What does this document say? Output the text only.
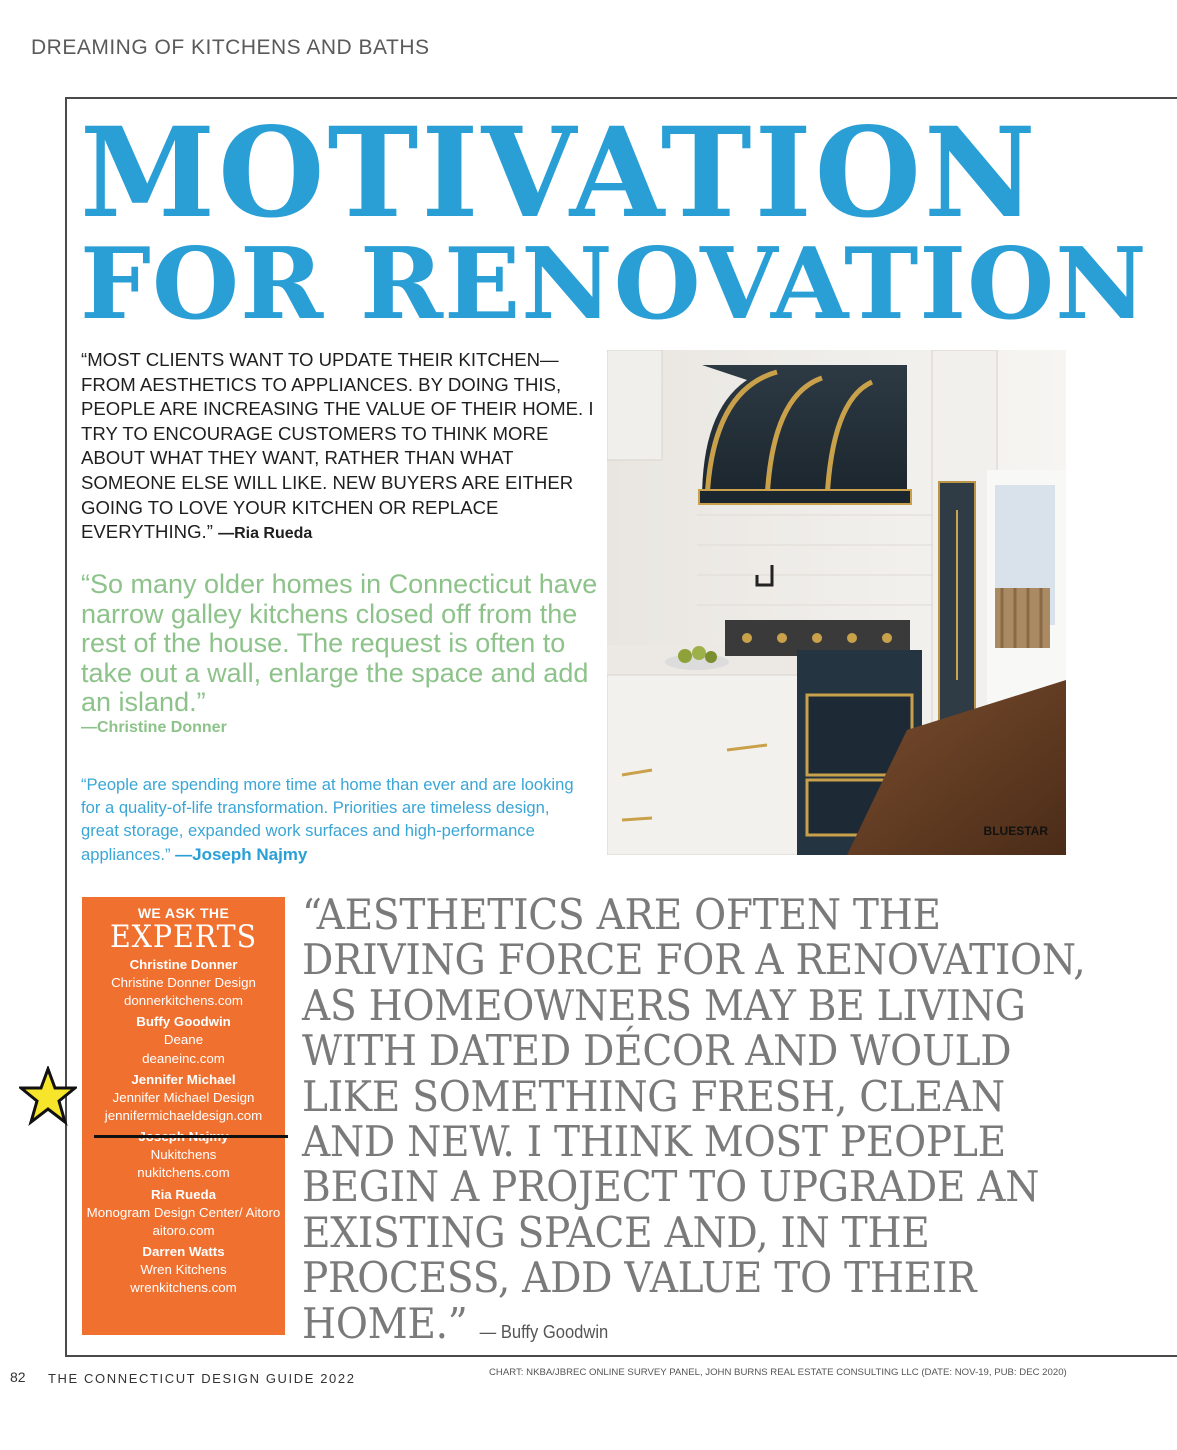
DREAMING OF KITCHENS AND BATHS
MOTIVATION
FOR RENOVATION
“MOST CLIENTS WANT TO UPDATE THEIR KITCHEN—FROM AESTHETICS TO APPLIANCES. BY DOING THIS, PEOPLE ARE INCREASING THE VALUE OF THEIR HOME. I TRY TO ENCOURAGE CUSTOMERS TO THINK MORE ABOUT WHAT THEY WANT, RATHER THAN WHAT SOMEONE ELSE WILL LIKE. NEW BUYERS ARE EITHER GOING TO LOVE YOUR KITCHEN OR REPLACE EVERYTHING.” —Ria Rueda
“So many older homes in Connecticut have narrow galley kitchens closed off from the rest of the house. The request is often to take out a wall, enlarge the space and add an island.”
—Christine Donner
“People are spending more time at home than ever and are looking for a quality-of-life transformation. Priorities are timeless design, great storage, expanded work surfaces and high-performance appliances.” —Joseph Najmy
BLUESTAR
WE ASK THE
EXPERTS
Christine Donner
Christine Donner Design
donnerkitchens.com
Buffy Goodwin
Deane
deaneinc.com
Jennifer Michael
Jennifer Michael Design
jennifermichaeldesign.com
Nukitchens
nukitchens.com
Ria Rueda
Monogram Design Center/ Aitoro
aitoro.com
Darren Watts
Wren Kitchens
wrenkitchens.com
“AESTHETICS ARE OFTEN THE DRIVING FORCE FOR A RENOVATION, AS HOMEOWNERS MAY BE LIVING WITH DATED DÉCOR AND WOULD LIKE SOMETHING FRESH, CLEAN AND NEW. I THINK MOST PEOPLE BEGIN A PROJECT TO UPGRADE AN EXISTING SPACE AND, IN THE PROCESS, ADD VALUE TO THEIR HOME.” — Buffy Goodwin
CHART: NKBA/JBREC ONLINE SURVEY PANEL, JOHN BURNS REAL ESTATE CONSULTING LLC (DATE: NOV-19, PUB: DEC 2020)
82 THE CONNECTICUT DESIGN GUIDE 2022
